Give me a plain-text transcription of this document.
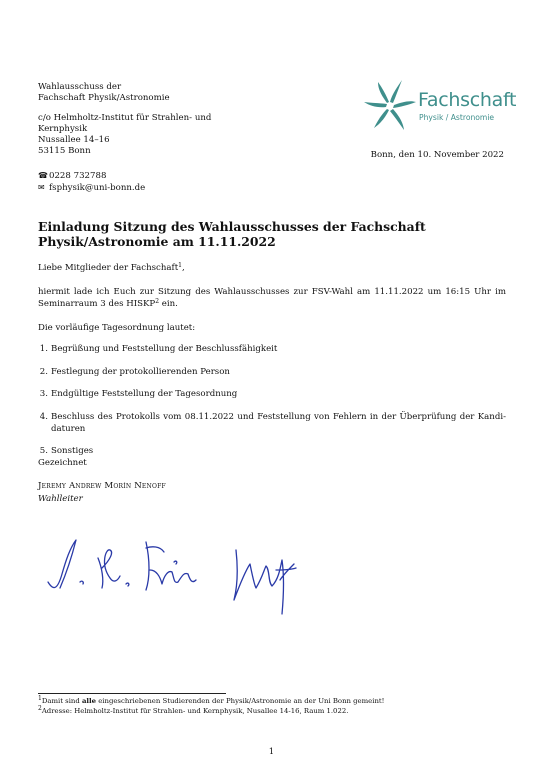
Wahlausschuss der
Fachschaft Physik/Astronomie
c/o Helmholtz-Institut für Strahlen- und
Kernphysik
Nussallee 14–16
53115 Bonn
☎0228 732788
✉ fsphysik@uni-bonn.de
Fachschaft
Physik / Astronomie
Bonn, den 10. November 2022
Einladung Sitzung des Wahlausschusses der Fachschaft
Physik/Astronomie am 11.11.2022
Liebe Mitglieder der Fachschaft$^1$,
hiermit lade ich Euch zur Sitzung des Wahlausschusses zur FSV-Wahl am 11.11.2022 um 16:15 Uhr im Seminarraum 3 des HISKP$^2$ ein.
Die vorläufige Tagesordnung lautet:
1. Begrüßung und Feststellung der Beschlussfähigkeit
2. Festlegung der protokollierenden Person
3. Endgültige Feststellung der Tagesordnung
4. Beschluss des Protokolls vom 08.11.2022 und Feststellung von Fehlern in der Überprüfung der Kandi-daturen
5. Sonstiges
Gezeichnet
Jeremy Andrew Morín Nenoff
Wahlleiter
$^1$Damit sind alle eingeschriebenen Studierenden der Physik/Astronomie an der Uni Bonn gemeint!
$^2$Adresse: Helmholtz-Institut für Strahlen- und Kernphysik, Nusallee 14-16, Raum 1.022.
1
